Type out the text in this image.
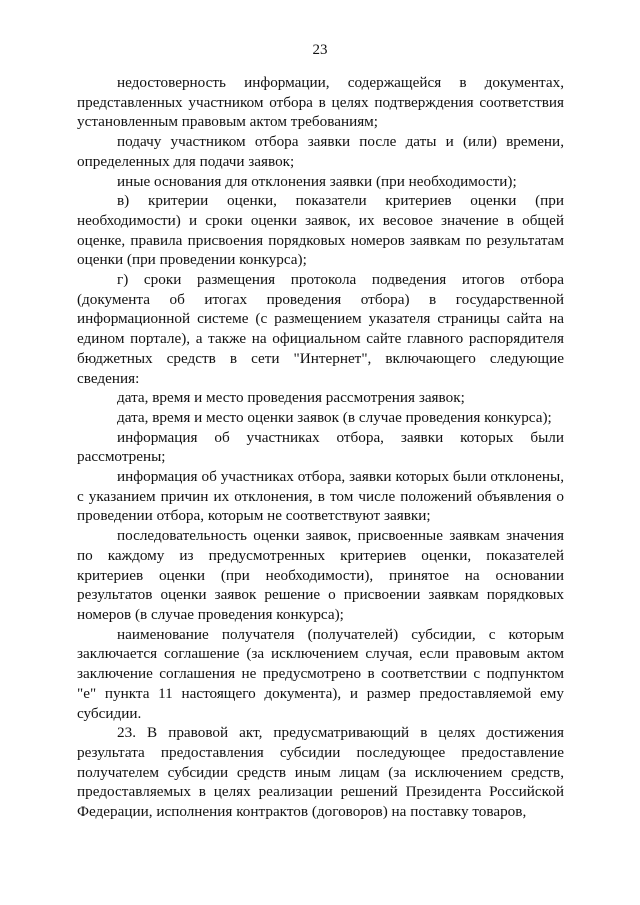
23

недостоверность информации, содержащейся в документах, представленных участником отбора в целях подтверждения соответствия установленным правовым актом требованиям;

подачу участником отбора заявки после даты и (или) времени, определенных для подачи заявок;

иные основания для отклонения заявки (при необходимости);

в) критерии оценки, показатели критериев оценки (при необходимости) и сроки оценки заявок, их весовое значение в общей оценке, правила присвоения порядковых номеров заявкам по результатам оценки (при проведении конкурса);

г) сроки размещения протокола подведения итогов отбора (документа об итогах проведения отбора) в государственной информационной системе (с размещением указателя страницы сайта на едином портале), а также на официальном сайте главного распорядителя бюджетных средств в сети "Интернет", включающего следующие сведения:

дата, время и место проведения рассмотрения заявок;

дата, время и место оценки заявок (в случае проведения конкурса);

информация об участниках отбора, заявки которых были рассмотрены;

информация об участниках отбора, заявки которых были отклонены, с указанием причин их отклонения, в том числе положений объявления о проведении отбора, которым не соответствуют заявки;

последовательность оценки заявок, присвоенные заявкам значения по каждому из предусмотренных критериев оценки, показателей критериев оценки (при необходимости), принятое на основании результатов оценки заявок решение о присвоении заявкам порядковых номеров (в случае проведения конкурса);

наименование получателя (получателей) субсидии, с которым заключается соглашение (за исключением случая, если правовым актом заключение соглашения не предусмотрено в соответствии с подпунктом "е" пункта 11 настоящего документа), и размер предоставляемой ему субсидии.

23. В правовой акт, предусматривающий в целях достижения результата предоставления субсидии последующее предоставление получателем субсидии средств иным лицам (за исключением средств, предоставляемых в целях реализации решений Президента Российской Федерации, исполнения контрактов (договоров) на поставку товаров,
